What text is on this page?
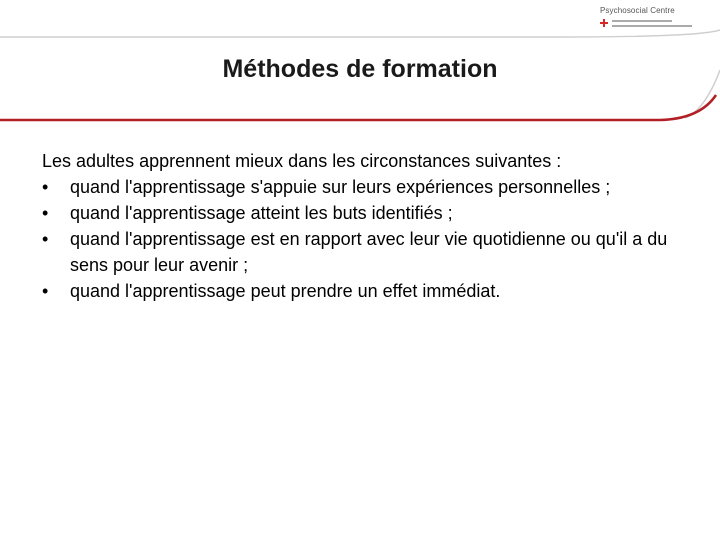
Psychosocial Centre
Méthodes de formation

Les adultes apprennent mieux dans les circonstances suivantes :

• quand l'apprentissage s'appuie sur leurs expériences personnelles ;
• quand l'apprentissage atteint les buts identifiés ;
• quand l'apprentissage est en rapport avec leur vie quotidienne ou qu'il a du sens pour leur avenir ;
• quand l'apprentissage peut prendre un effet immédiat.
